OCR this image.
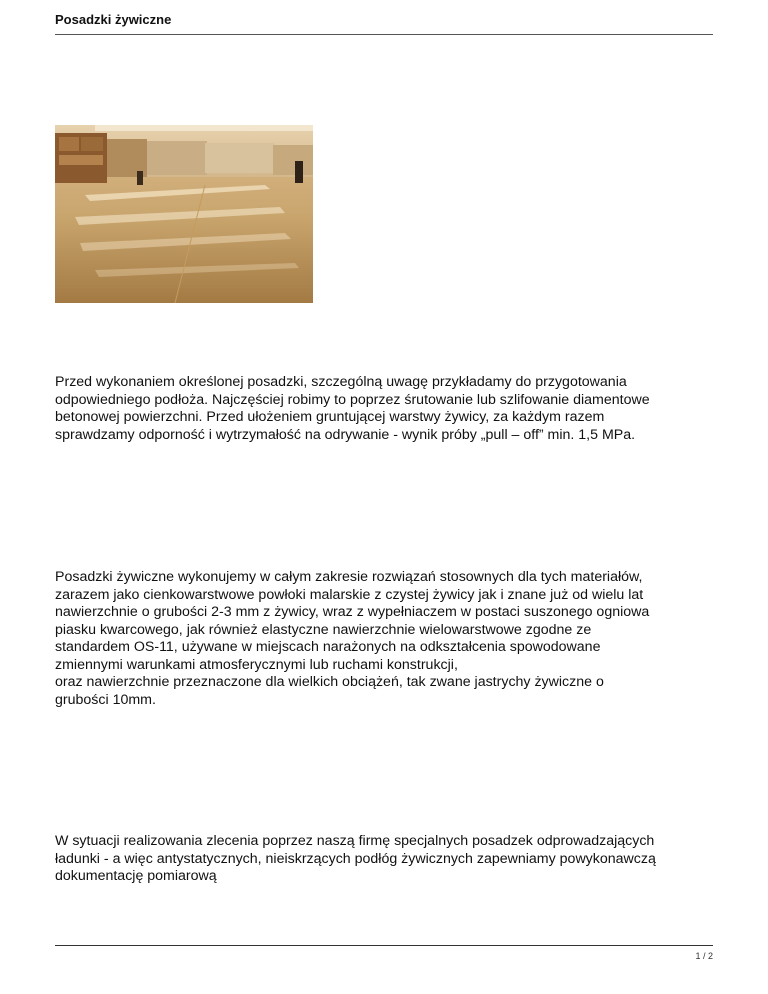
Posadzki żywiczne

Przed wykonaniem określonej posadzki, szczególną uwagę przykładamy do przygotowania
odpowiedniego podłoża. Najczęściej robimy to poprzez śrutowanie lub szlifowanie diamentowe
betonowej powierzchni. Przed ułożeniem gruntującej warstwy żywicy, za każdym razem
sprawdzamy odporność i wytrzymałość na odrywanie - wynik próby „pull – off” min. 1,5 MPa.

Posadzki żywiczne wykonujemy w całym zakresie rozwiązań stosownych dla tych materiałów,
zarazem jako cienkowarstwowe powłoki malarskie z czystej żywicy jak i znane już od wielu lat
nawierzchnie o grubości 2-3 mm z żywicy, wraz z wypełniaczem w postaci suszonego ogniowa
piasku kwarcowego, jak również elastyczne nawierzchnie wielowarstwowe zgodne ze
standardem OS-11, używane w miejscach narażonych na odkształcenia spowodowane
zmiennymi warunkami atmosferycznymi lub ruchami konstrukcji,
oraz nawierzchnie przeznaczone dla wielkich obciążeń, tak zwane jastrychy żywiczne o
grubości 10mm.

W sytuacji realizowania zlecenia poprzez naszą firmę specjalnych posadzek odprowadzających
ładunki - a więc antystatycznych, nieiskrzących podłóg żywicznych zapewniamy powykonawczą
dokumentację pomiarową

1 / 2
